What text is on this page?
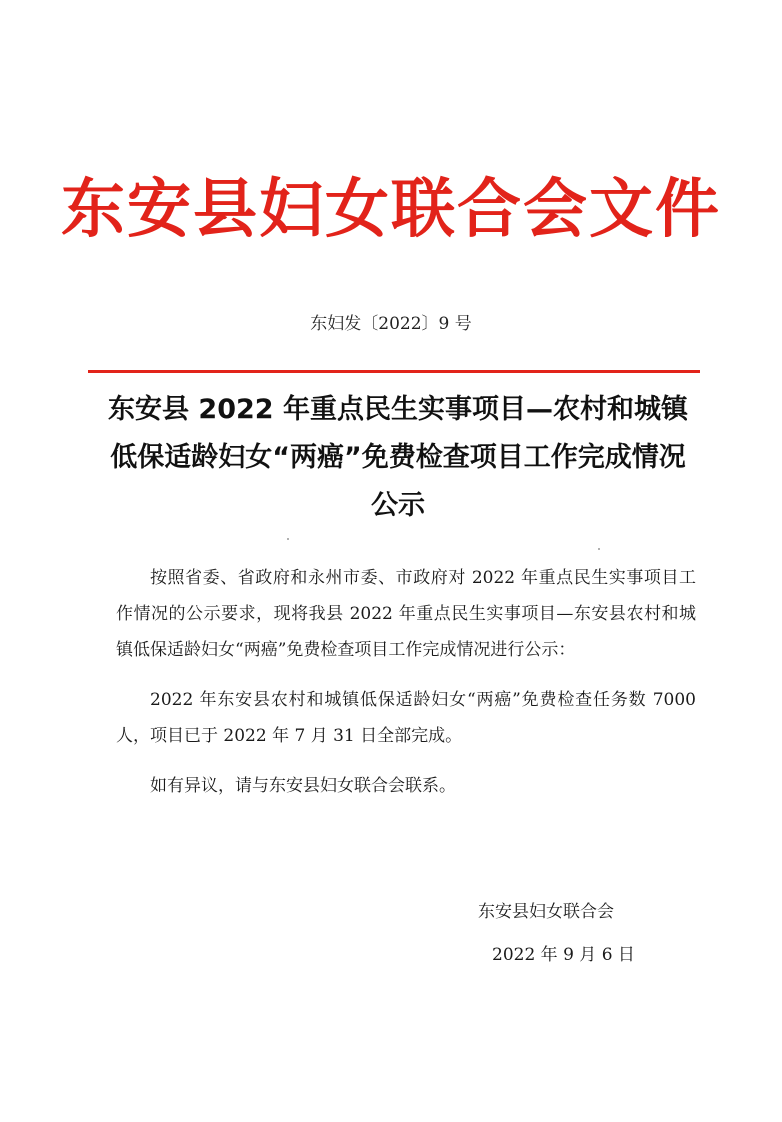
东安县妇女联合会文件
东妇发〔2022〕9 号
东安县 2022 年重点民生实事项目—农村和城镇低保适龄妇女“两癌”免费检查项目工作完成情况公示

按照省委、省政府和永州市委、市政府对 2022 年重点民生实事项目工作情况的公示要求，现将我县 2022 年重点民生实事项目—东安县农村和城镇低保适龄妇女“两癌”免费检查项目工作完成情况进行公示：

2022 年东安县农村和城镇低保适龄妇女“两癌”免费检查任务数 7000 人，项目已于 2022 年 7 月 31 日全部完成。

如有异议，请与东安县妇女联合会联系。

东安县妇女联合会
2022 年 9 月 6 日
